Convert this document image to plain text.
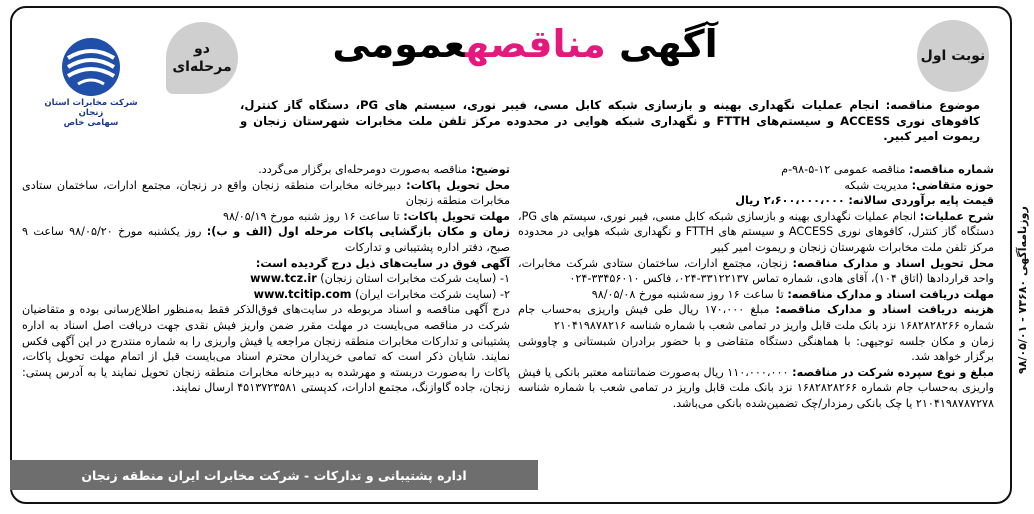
نوبت اول
دو مرحله‌ای
آگهی مناقصهعمومی
شرکت مخابرات استان زنجان
سهامی خاص
موضوع مناقصه: انجام عملیات نگهداری بهینه و بازسازی شبکه کابل مسی، فیبر نوری، سیستم های PG، دستگاه گاز کنترل، کافوهای نوری ACCESS و سیستم‌های FTTH و نگهداری شبکه هوایی در محدوده مرکز تلفن ملت مخابرات شهرستان زنجان و ریموت امیر کبیر.

شماره مناقصه: مناقصه عمومی ۱۲-۵-۹۸-م

حوزه متقاضی: مدیریت شبکه

قیمت پایه برآوردی سالانه: ۲،۶۰۰،۰۰۰،۰۰۰ ریال

شرح عملیات: انجام عملیات نگهداری بهینه و بازسازی شبکه کابل مسی، فیبر نوری، سیستم های PG، دستگاه گاز کنترل، کافوهای نوری ACCESS و سیستم های FTTH و نگهداری شبکه هوایی در محدوده مرکز تلفن ملت مخابرات شهرستان زنجان و ریموت امیر کبیر

محل تحویل اسناد و مدارک مناقصه: زنجان، مجتمع ادارات، ساختمان ستادی شرکت مخابرات، واحد قراردادها (اتاق ۱۰۴)، آقای هادی، شماره تماس ۳۳۱۲۲۱۳۷-۰۲۴، فاکس ۳۳۴۵۶۰۱۰-۰۲۴

مهلت دریافت اسناد و مدارک مناقصه: تا ساعت ۱۶ روز سه‌شنبه مورخ ۹۸/۰۵/۰۸

هزینه دریافت اسناد و مدارک مناقصه: مبلغ ۱۷۰،۰۰۰ ریال طی فیش واریزی به‌حساب جام شماره ۱۶۸۲۸۲۸۲۶۶ نزد بانک ملت قابل واریز در تمامی شعب با شماره شناسه ۲۱۰۴۱۹۸۷۸۲۱۶

زمان و مکان جلسه توجیهی: با هماهنگی دستگاه متقاضی و با حضور برادران شبستانی و چاووشی برگزار خواهد شد.

مبلغ و نوع سپرده شرکت در مناقصه: ۱۱۰،۰۰۰،۰۰۰ ریال به‌صورت ضمانتنامه معتبر بانکی یا فیش واریزی به‌حساب جام شماره ۱۶۸۲۸۲۸۲۶۶ نزد بانک ملت قابل واریز در تمامی شعب با شماره شناسه ۲۱۰۴۱۹۸۷۸۷۲۷۸ یا چک بانکی رمزدار/چک تضمین‌شده بانکی می‌باشد.

توضیح: مناقصه به‌صورت دومرحله‌ای برگزار می‌گردد.

محل تحویل پاکات: دبیرخانه مخابرات منطقه زنجان واقع در زنجان، مجتمع ادارات، ساختمان ستادی مخابرات منطقه زنجان

مهلت تحویل پاکات: تا ساعت ۱۶ روز شنبه مورخ ۹۸/۰۵/۱۹

زمان و مکان بازگشایی پاکات مرحله اول (الف و ب): روز یکشنبه مورخ ۹۸/۰۵/۲۰ ساعت ۹ صبح، دفتر اداره پشتیبانی و تدارکات

آگهی فوق در سایت‌های ذیل درج گردیده است:

۱- (سایت شرکت مخابرات استان زنجان) www.tcz.ir

۲- (سایت شرکت مخابرات ایران) www.tcitip.com

درج آگهی مناقصه و اسناد مربوطه در سایت‌های فوق‌الذکر فقط به‌منظور اطلاع‌رسانی بوده و متقاضیان شرکت در مناقصه می‌بایست در مهلت مقرر ضمن واریز فیش نقدی جهت دریافت اصل اسناد به اداره پشتیبانی و تدارکات مخابرات منطقه زنجان مراجعه یا فیش واریزی را به شماره منتدرج در این آگهی فکس نمایند. شایان ذکر است که تمامی خریداران محترم اسناد می‌بایست قبل از اتمام مهلت تحویل پاکات، پاکات را به‌صورت دربسته و مهرشده به دبیرخانه مخابرات منطقه زنجان تحویل نمایند یا به آدرس پستی: زنجان، جاده گاوازنگ، مجتمع ادارات، کدپستی ۴۵۱۳۷۲۳۵۸۱ ارسال نمایند.

اداره پشتیبانی و تدارکات - شرکت مخابرات ایران منطقه زنجان
روزنامه‌آگهی ۷۳۶۸۰ - ۹۸/۰۵/۰۱
